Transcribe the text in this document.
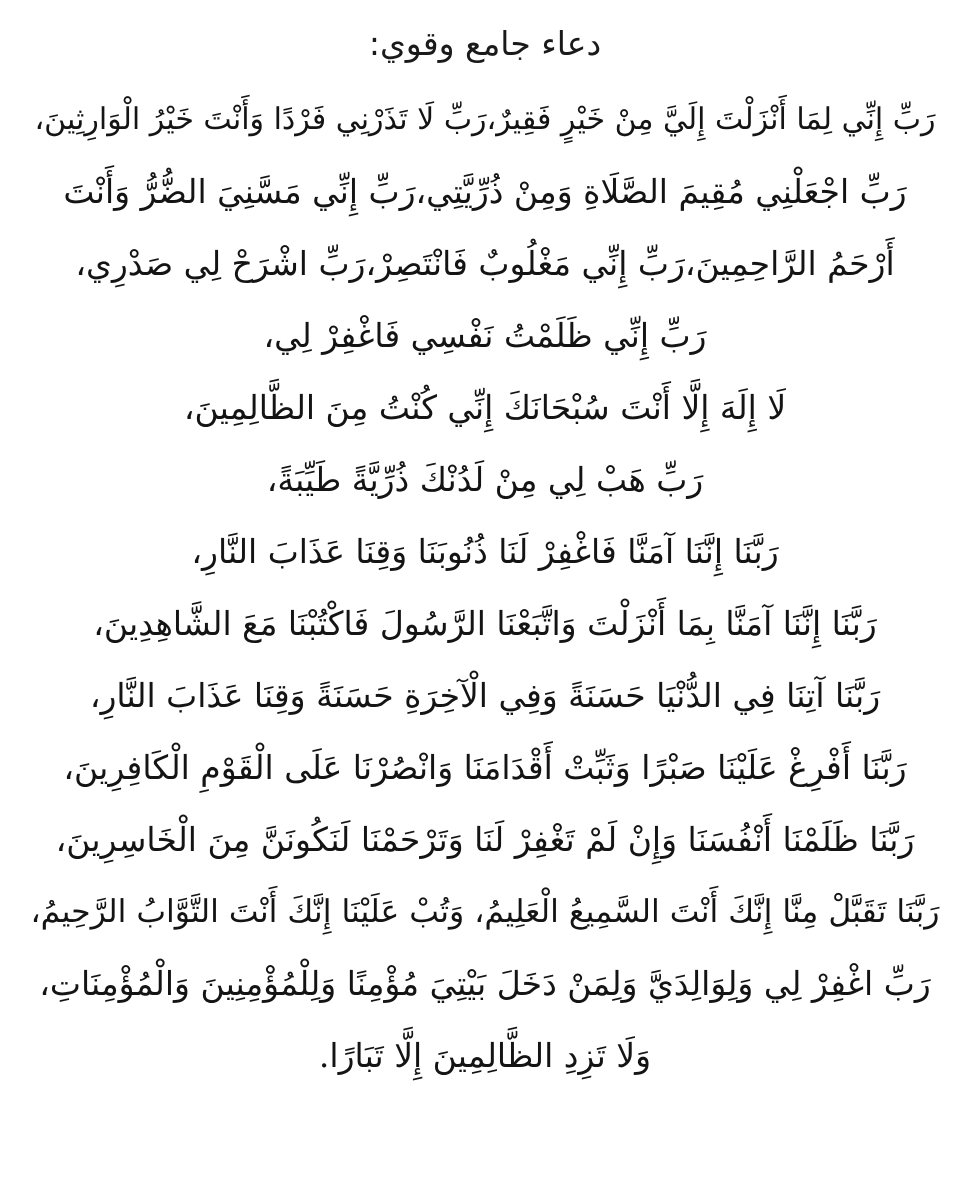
دعاء جامع وقوي:
رَبِّ إِنِّي لِمَا أَنْزَلْتَ إِلَيَّ مِنْ خَيْرٍ فَقِيرٌ،رَبِّ لَا تَذَرْنِي فَرْدًا وَأَنْتَ خَيْرُ الْوَارِثِينَ،
رَبِّ اجْعَلْنِي مُقِيمَ الصَّلَاةِ وَمِنْ ذُرِّيَّتِي،رَبِّ إِنِّي مَسَّنِيَ الضُّرُّ وَأَنْتَ
أَرْحَمُ الرَّاحِمِينَ،رَبِّ إِنِّي مَغْلُوبٌ فَانْتَصِرْ،رَبِّ اشْرَحْ لِي صَدْرِي،
رَبِّ إِنِّي ظَلَمْتُ نَفْسِي فَاغْفِرْ لِي،
لَا إِلَهَ إِلَّا أَنْتَ سُبْحَانَكَ إِنِّي كُنْتُ مِنَ الظَّالِمِينَ،
رَبِّ هَبْ لِي مِنْ لَدُنْكَ ذُرِّيَّةً طَيِّبَةً،
رَبَّنَا إِنَّنَا آمَنَّا فَاغْفِرْ لَنَا ذُنُوبَنَا وَقِنَا عَذَابَ النَّارِ،
رَبَّنَا إِنَّنَا آمَنَّا بِمَا أَنْزَلْتَ وَاتَّبَعْنَا الرَّسُولَ فَاكْتُبْنَا مَعَ الشَّاهِدِينَ،
رَبَّنَا آتِنَا فِي الدُّنْيَا حَسَنَةً وَفِي الْآخِرَةِ حَسَنَةً وَقِنَا عَذَابَ النَّارِ،
رَبَّنَا أَفْرِغْ عَلَيْنَا صَبْرًا وَثَبِّتْ أَقْدَامَنَا وَانْصُرْنَا عَلَى الْقَوْمِ الْكَافِرِينَ،
رَبَّنَا ظَلَمْنَا أَنْفُسَنَا وَإِنْ لَمْ تَغْفِرْ لَنَا وَتَرْحَمْنَا لَنَكُونَنَّ مِنَ الْخَاسِرِينَ،
رَبَّنَا تَقَبَّلْ مِنَّا إِنَّكَ أَنْتَ السَّمِيعُ الْعَلِيمُ، وَتُبْ عَلَيْنَا إِنَّكَ أَنْتَ التَّوَّابُ الرَّحِيمُ،
رَبِّ اغْفِرْ لِي وَلِوَالِدَيَّ وَلِمَنْ دَخَلَ بَيْتِيَ مُؤْمِنًا وَلِلْمُؤْمِنِينَ وَالْمُؤْمِنَاتِ،
وَلَا تَزِدِ الظَّالِمِينَ إِلَّا تَبَارًا.
